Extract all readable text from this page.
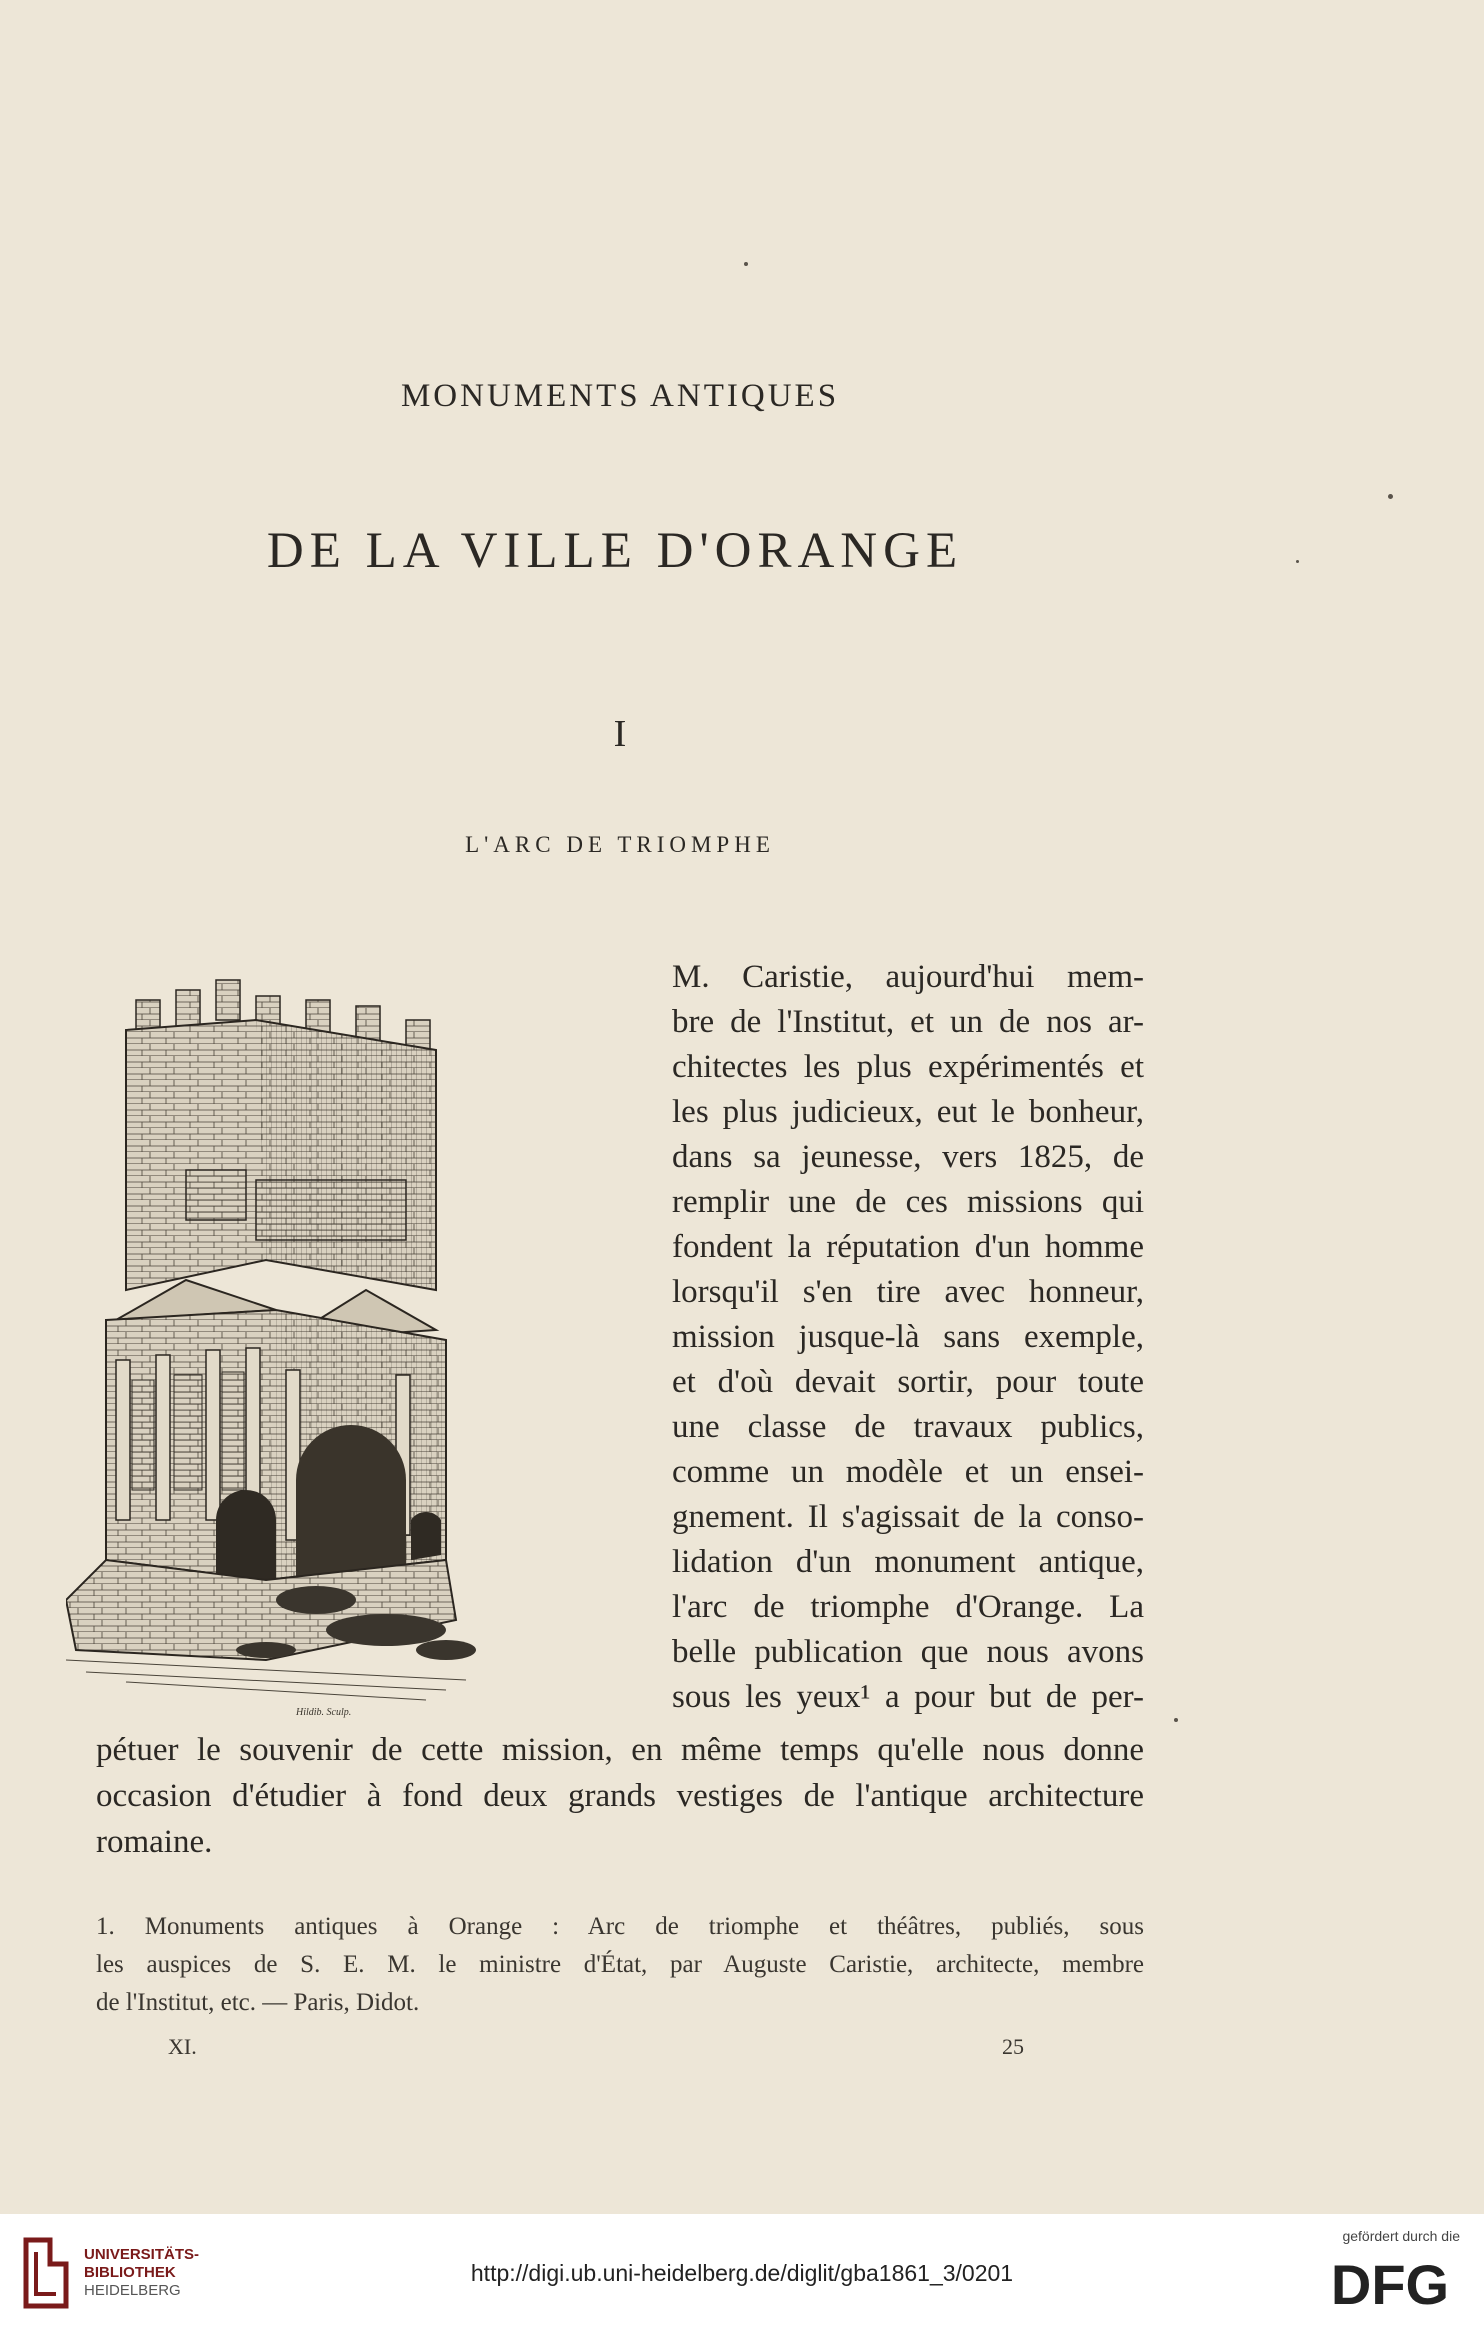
MONUMENTS ANTIQUES
DE LA VILLE D'ORANGE
I
L'ARC DE TRIOMPHE
Hildib. Sculp.
M. Caristie, aujourd'hui mem-
bre de l'Institut, et un de nos ar-
chitectes les plus expérimentés et
les plus judicieux, eut le bonheur,
dans sa jeunesse, vers 1825, de
remplir une de ces missions qui
fondent la réputation d'un homme
lorsqu'il s'en tire avec honneur,
mission jusque-là sans exemple,
et d'où devait sortir, pour toute
une classe de travaux publics,
comme un modèle et un ensei-
gnement. Il s'agissait de la conso-
lidation d'un monument antique,
l'arc de triomphe d'Orange. La
belle publication que nous avons
sous les yeux¹ a pour but de per-
pétuer le souvenir de cette mission, en même temps qu'elle nous donne
occasion d'étudier à fond deux grands vestiges de l'antique architecture
romaine.
1. Monuments antiques à Orange : Arc de triomphe et théâtres, publiés, sous
les auspices de S. E. M. le ministre d'État, par Auguste Caristie, architecte, membre
de l'Institut, etc. — Paris, Didot.
XI.	25
UNIVERSITÄTS-
BIBLIOTHEK
HEIDELBERG
http://digi.ub.uni-heidelberg.de/diglit/gba1861_3/0201
gefördert durch die
DFG
